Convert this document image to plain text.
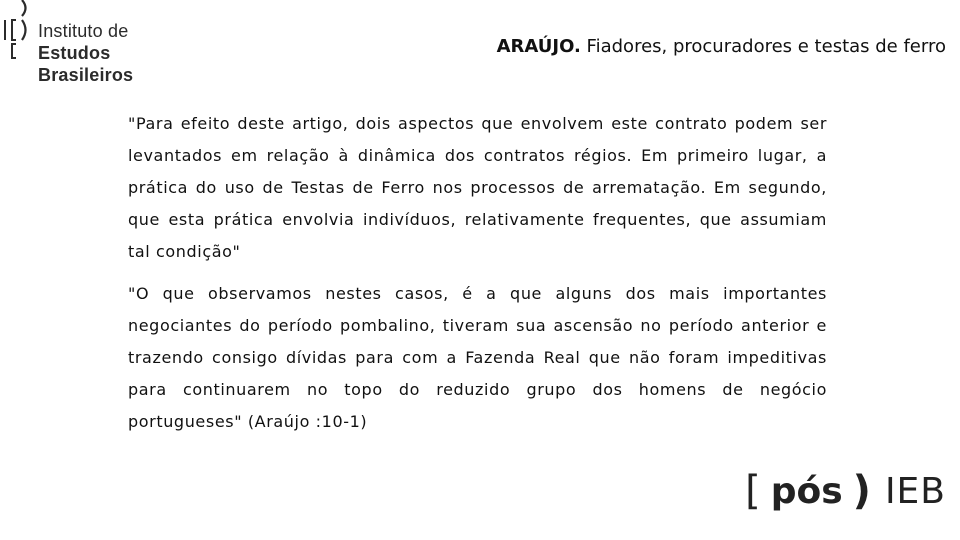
Instituto de
Estudos Brasileiros
ARAÚJO. Fiadores, procuradores e testas de ferro

"Para efeito deste artigo, dois aspectos que envolvem este contrato podem ser levantados em relação à dinâmica dos contratos régios. Em primeiro lugar, a prática do uso de Testas de Ferro nos processos de arrematação. Em segundo, que esta prática envolvia indivíduos, relativamente frequentes, que assumiam tal condição"

"O que observamos nestes casos, é a que alguns dos mais importantes negociantes do período pombalino, tiveram sua ascensão no período anterior e trazendo consigo dívidas para com a Fazenda Real que não foram impeditivas para continuarem no topo do reduzido grupo dos homens de negócio portugueses" (Araújo :10-1)

[ pós ) IEB
